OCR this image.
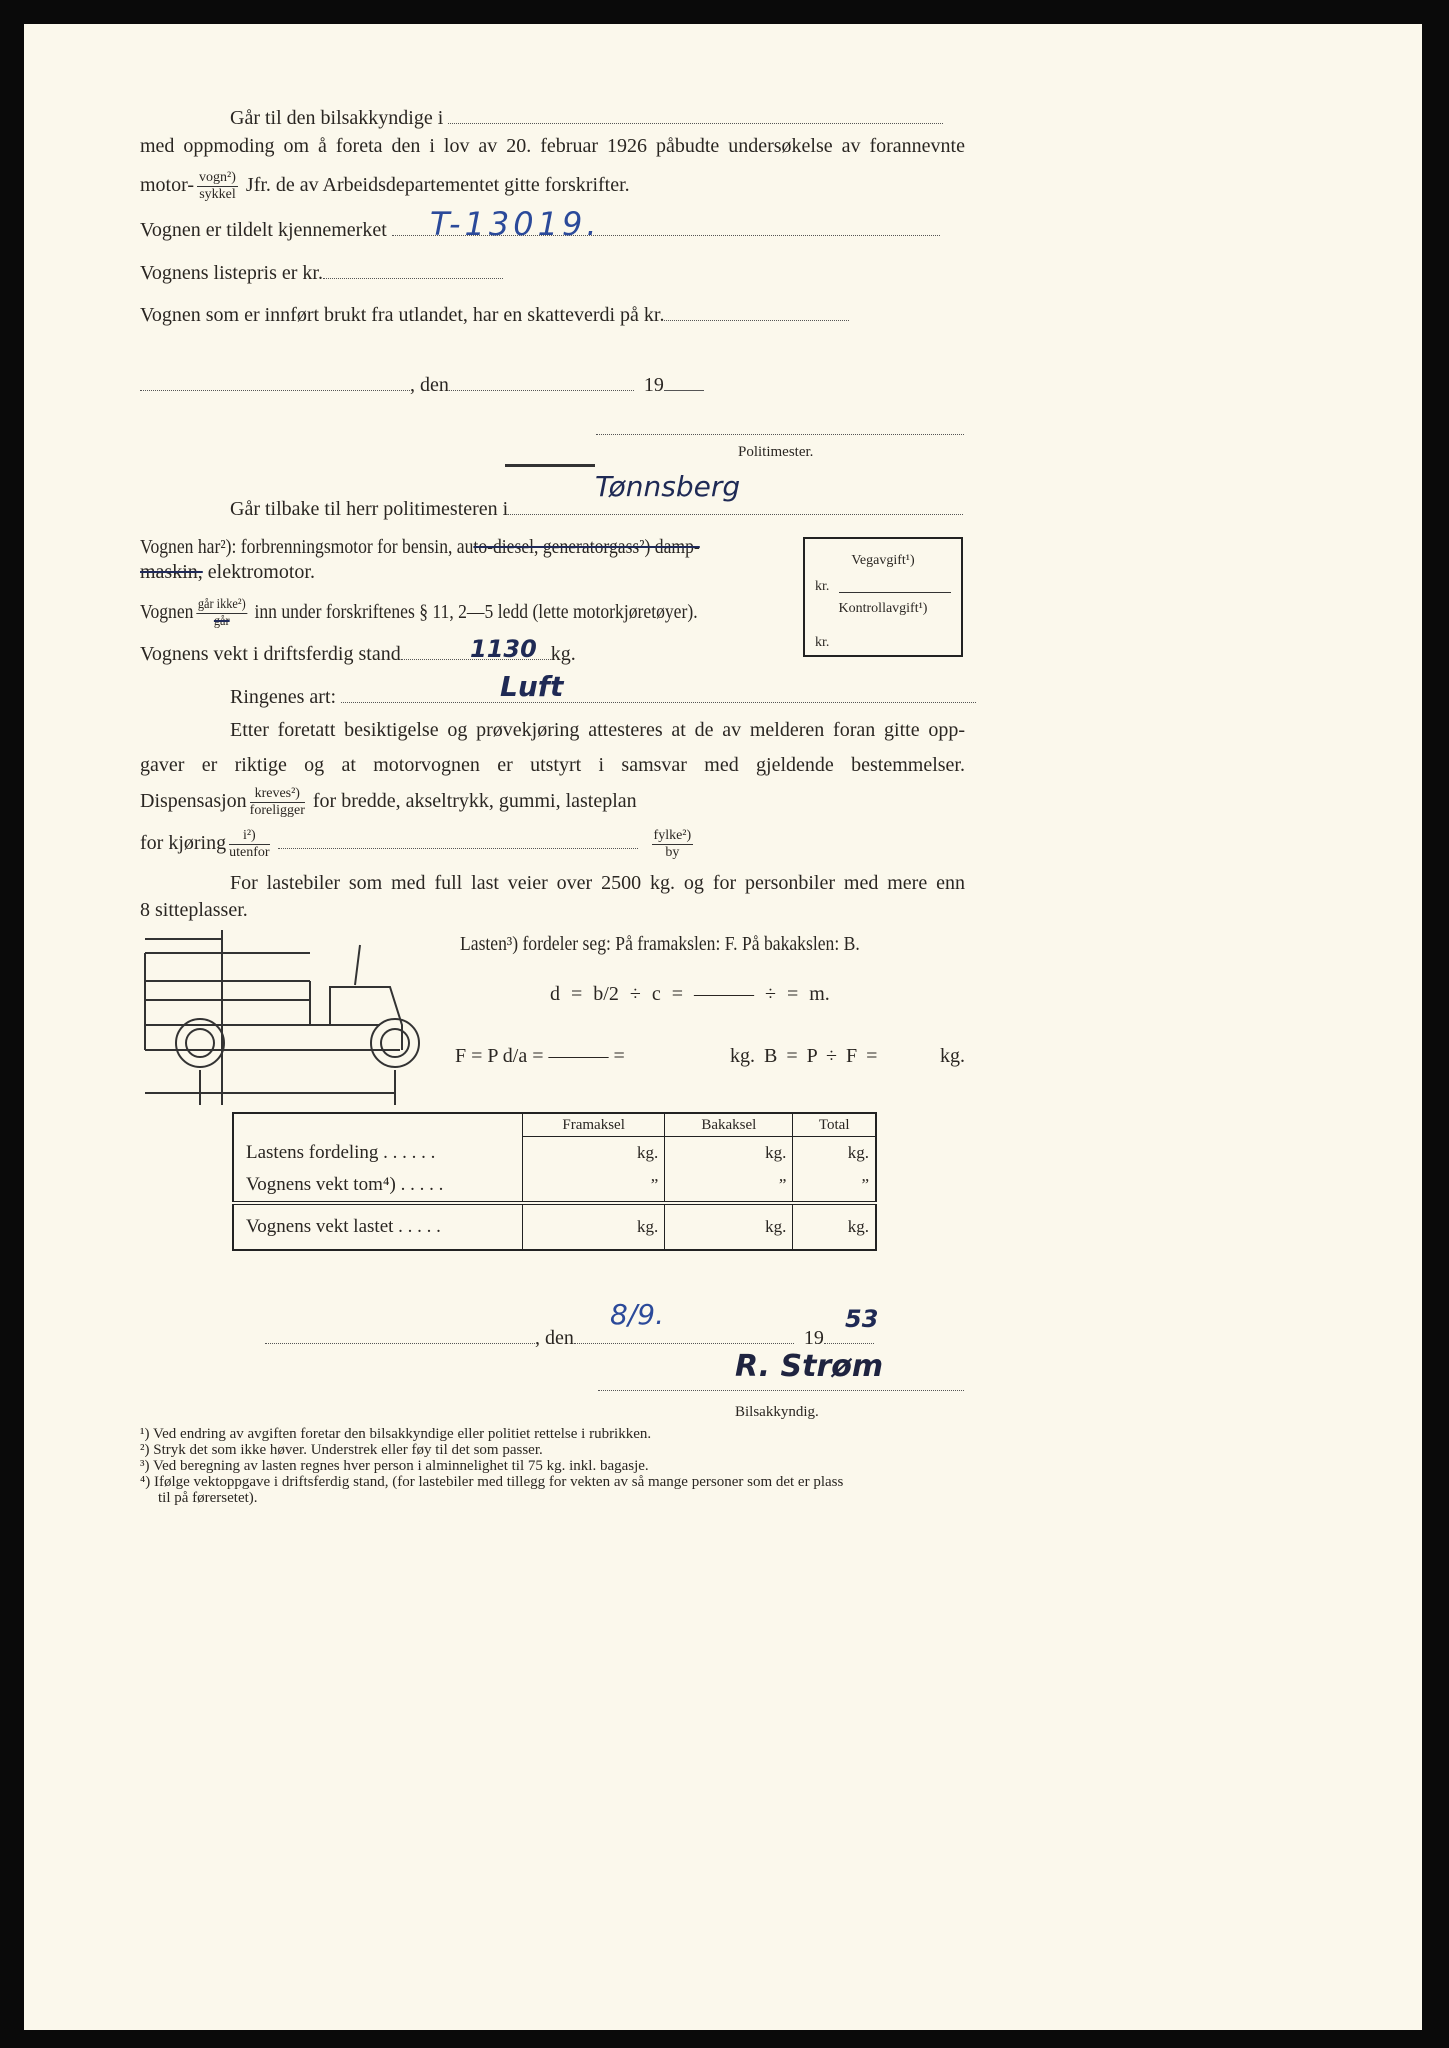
Går til den bilsakkyndige i
med oppmoding om å foreta den i lov av 20. februar 1926 påbudte undersøkelse av forannevnte
motor- $\frac{\text{vogn²)}}{\text{sykkel}}$ Jfr. de av Arbeidsdepartementet gitte forskrifter.
Vognen er tildelt kjennemerket	T-13019.
Vognens listepris er kr.
Vognen som er innført brukt fra utlandet, har en skatteverdi på kr.
, den	19
Politimester.
Går tilbake til herr politimesteren i
Tønnsberg
Vognen har²): forbrenningsmotor for bensin, auto-diesel, generatorgass²) damp-
maskin, elektromotor.
Vegavgift¹)
kr.
Kontrollavgift¹)
kr.
Vognen $\frac{\text{går ikke²)}}{\text{går}}$ inn under forskriftenes § 11, 2—5 ledd (lette motorkjøretøyer).
Vognens vekt i driftsferdig stand	kg.
1130
Ringenes art:	Luft
Etter foretatt besiktigelse og prøvekjøring attesteres at de av melderen foran gitte opp-
gaver er riktige og at motorvognen er utstyrt i samsvar med gjeldende bestemmelser.
Dispensasjon $\frac{\text{kreves²)}}{\text{foreligger}}$ for bredde, akseltrykk, gummi, lasteplan
for kjøring $\frac{\text{i²)}}{\text{utenfor}}$
	$\frac{\text{fylke²)}}{by}$
For lastebiler som med full last veier over 2500 kg. og for personbiler med mere enn
8 sitteplasser.
Lasten³) fordeler seg: På framakslen: F. På bakakslen: B.
d = b/2 ÷ c = ——— ÷ = m.
F = P d/a = ——— =	kg. B = P ÷ F =	kg.
	Framaksel	Bakaksel	Total
Lastens fordeling . . . . . .	kg.	kg.	kg.
Vognens vekt tom⁴) . . . . .	”	”	”
Vognens vekt lastet . . . . .	kg.	kg.	kg.
, den	19
8/9.	53
R. Strøm
Bilsakkyndig.
¹) Ved endring av avgiften foretar den bilsakkyndige eller politiet rettelse i rubrikken.
²) Stryk det som ikke høver. Understrek eller føy til det som passer.
³) Ved beregning av lasten regnes hver person i alminnelighet til 75 kg. inkl. bagasje.
⁴) Ifølge vektoppgave i driftsferdig stand, (for lastebiler med tillegg for vekten av så mange personer som det er plass
til på førersetet).
